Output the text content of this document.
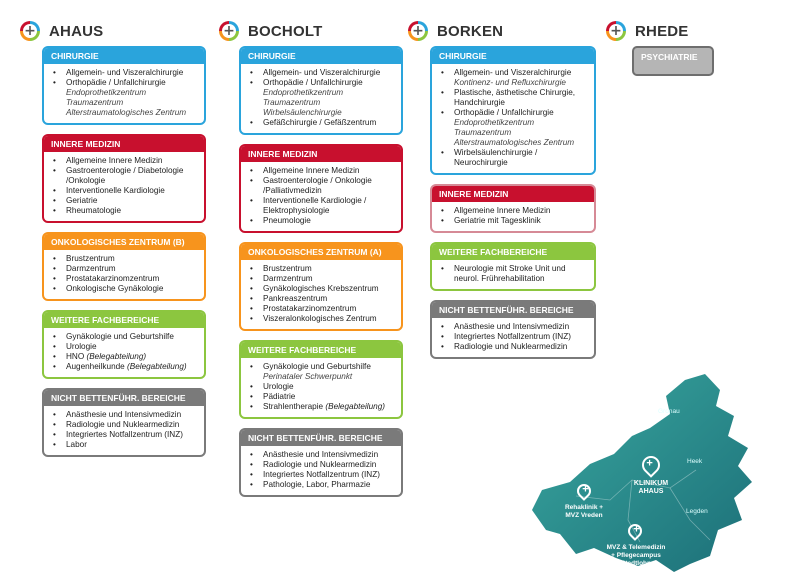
+
AHAUS
CHIRURGIE
• Allgemein- und Viszeralchirurgie
• Orthopädie / Unfallchirurgie
Endoprothetikzentrum
Traumazentrum
Alterstraumatologisches Zentrum
INNERE MEDIZIN
• Allgemeine Innere Medizin
• Gastroenterologie / Diabetologie /Onkologie
• Interventionelle Kardiologie
• Geriatrie
• Rheumatologie
ONKOLOGISCHES ZENTRUM (B)
• Brustzentrum
• Darmzentrum
• Prostatakarzinomzentrum
• Onkologische Gynäkologie
WEITERE FACHBEREICHE
• Gynäkologie und Geburtshilfe
• Urologie
• HNO (Belegabteilung)
• Augenheilkunde (Belegabteilung)
NICHT BETTENFÜHR. BEREICHE
• Anästhesie und Intensivmedizin
• Radiologie und Nuklearmedizin
• Integriertes Notfallzentrum (INZ)
• Labor
+
BOCHOLT
CHIRURGIE
• Allgemein- und Viszeralchirurgie
• Orthopädie / Unfallchirurgie
Endoprothetikzentrum
Traumazentrum
Wirbelsäulenchirurgie
• Gefäßchirurgie / Gefäßzentrum
INNERE MEDIZIN
• Allgemeine Innere Medizin
• Gastroenterologie / Onkologie /Palliativmedizin
• Interventionelle Kardiologie / Elektrophysiologie
• Pneumologie
ONKOLOGISCHES ZENTRUM (A)
• Brustzentrum
• Darmzentrum
• Gynäkologisches Krebszentrum
• Pankreaszentrum
• Prostatakarzinomzentrum
• Viszeralonkologisches Zentrum
WEITERE FACHBEREICHE
• Gynäkologie und Geburtshilfe
Perinataler Schwerpunkt
• Urologie
• Pädiatrie
• Strahlentherapie (Belegabteilung)
NICHT BETTENFÜHR. BEREICHE
• Anästhesie und Intensivmedizin
• Radiologie und Nuklearmedizin
• Integriertes Notfallzentrum (INZ)
• Pathologie, Labor, Pharmazie
+
BORKEN
CHIRURGIE
• Allgemein- und Viszeralchirurgie
Kontinenz- und Refluxchirurgie
• Plastische, ästhetische Chirurgie, Handchirurgie
• Orthopädie / Unfallchirurgie
Endoprothetikzentrum
Traumazentrum
Alterstraumatologisches Zentrum
• Wirbelsäulenchirurgie / Neurochirurgie
INNERE MEDIZIN
• Allgemeine Innere Medizin
• Geriatrie mit Tagesklinik
WEITERE FACHBEREICHE
• Neurologie mit Stroke Unit und neurol. Frührehabilitation
NICHT BETTENFÜHR. BEREICHE
• Anästhesie und Intensivmedizin
• Integriertes Notfallzentrum (INZ)
• Radiologie und Nuklearmedizin
+
RHEDE
PSYCHIATRIE
Gronau
Heek
Legden
+
KLINIKUM AHAUS
+
Rehaklinik + MVZ Vreden
+
MVZ & Telemedizin + Pflegecampus Stadtlohn
